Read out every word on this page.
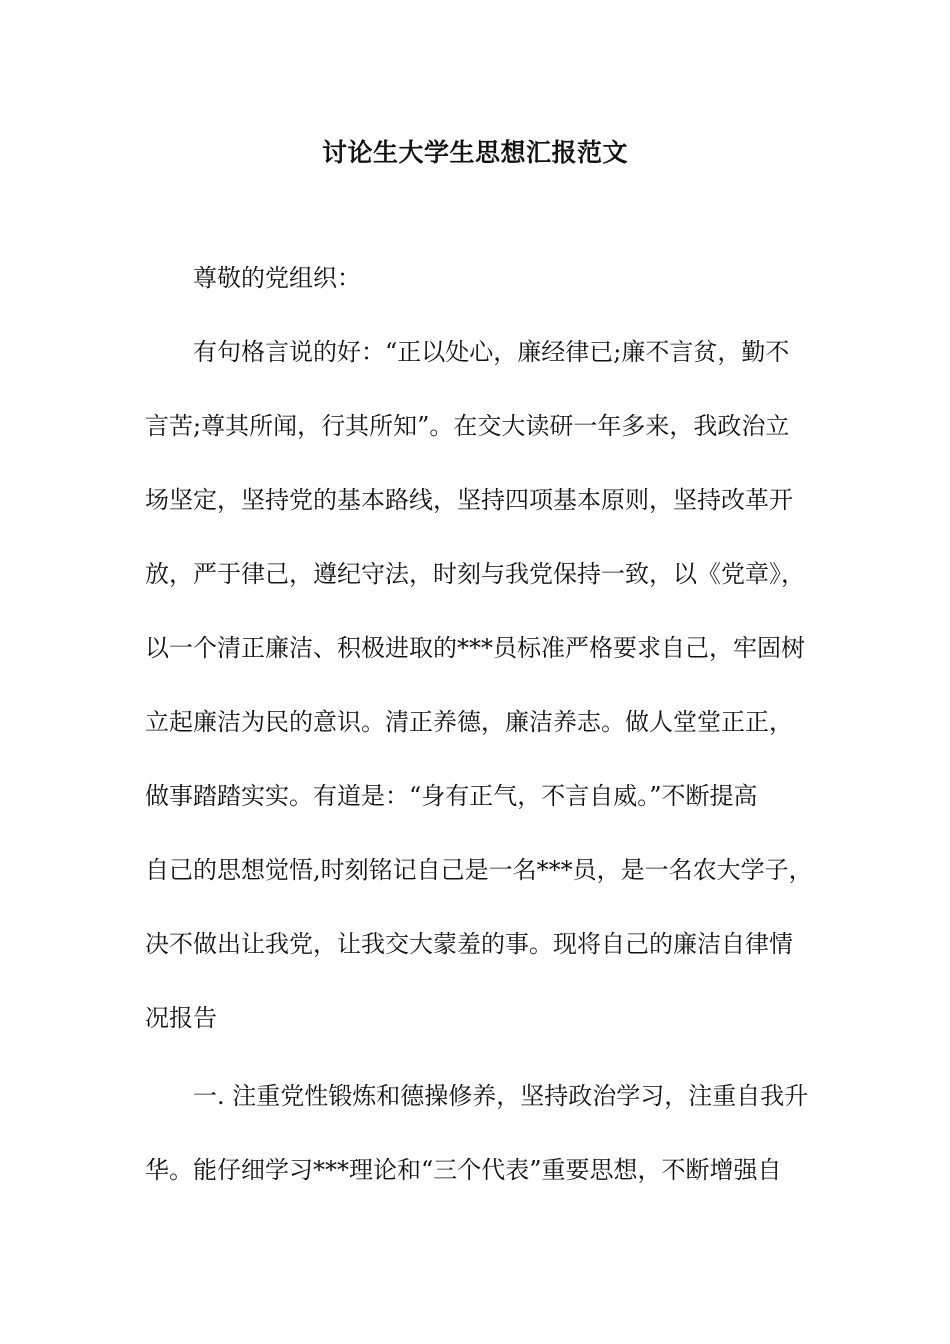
讨论生大学生思想汇报范文
尊敬的党组织：
有句格言说的好：“正以处心，廉经律已;廉不言贫，勤不
言苦;尊其所闻，行其所知”。在交大读研一年多来，我政治立
场坚定，坚持党的基本路线，坚持四项基本原则，坚持改革开
放，严于律己，遵纪守法，时刻与我党保持一致，以《党章》，
以一个清正廉洁、积极进取的***员标准严格要求自己，牢固树
立起廉洁为民的意识。清正养德，廉洁养志。做人堂堂正正，
做事踏踏实实。有道是：“身有正气，不言自威。”不断提高
自己的思想觉悟,时刻铭记自己是一名***员，是一名农大学子，
决不做出让我党，让我交大蒙羞的事。现将自己的廉洁自律情
况报告
一. 注重党性锻炼和德操修养，坚持政治学习，注重自我升
华。能仔细学习***理论和“三个代表”重要思想，不断增强自
